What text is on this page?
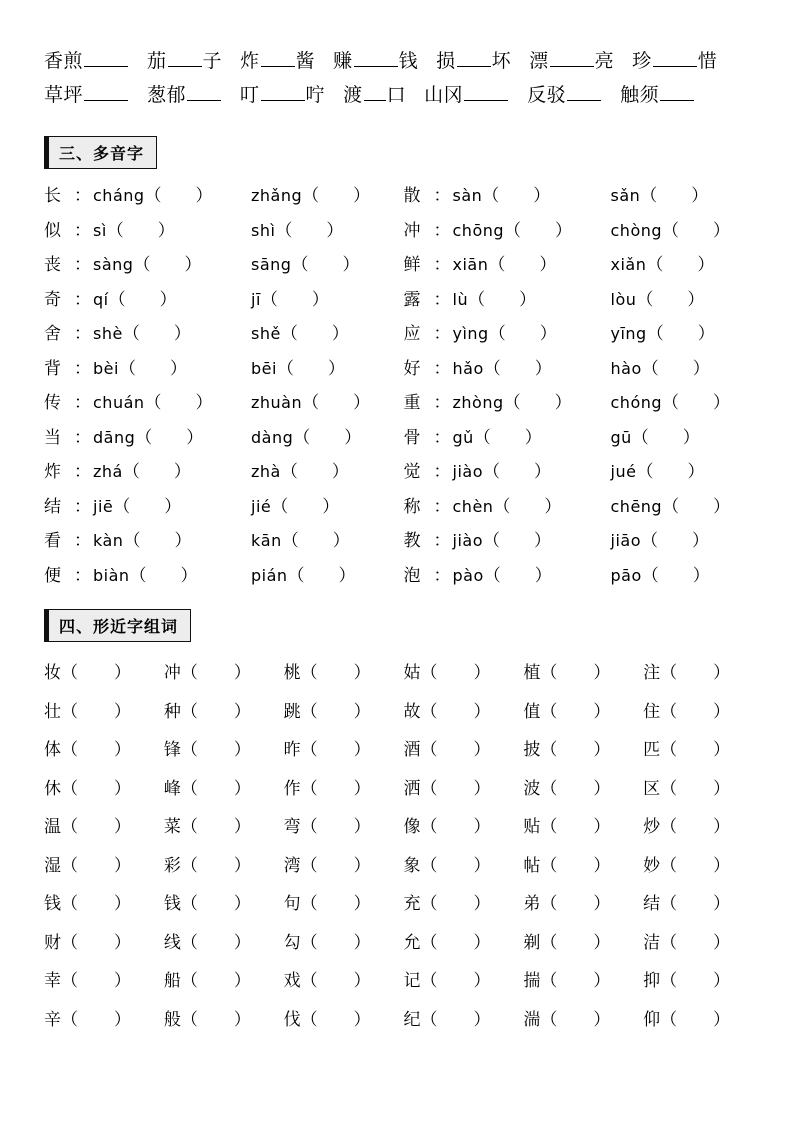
香煎	茄 子 炸 酱 赚 钱 损 坏 漂 亮 珍 惜
草坪	葱郁	叮 咛 渡 口 山冈	反驳	触须
三、多音字
长 ： cháng （ ） zhǎng （ ） 散 ： sàn （ ）	sǎn （ ）
似 ： sì （ ）	shì （ ）	冲 ： chōng （ ） chòng （ ）
丧 ： sàng （ ）	sāng （ ）	鲜 ： xiān （ ）	xiǎn （ ）
奇 ： qí （ ）	jī （ ）	露 ： lù （ ）	lòu （ ）
舍 ： shè （ ）	shě （ ）	应 ： yìng （ ）	yīng （ ）
背 ： bèi （ ）	bēi （ ）	好 ： hǎo （ ）	hào （ ）
传 ： chuán （ ） zhuàn （ ） 重 ： zhòng （ ） chóng （ ）
当 ： dāng （ ）	dàng （ ） 骨 ： gǔ （ ）	gū （ ）
炸 ： zhá （ ）	zhà （ ）	觉 ： jiào （ ）	jué （ ）
结 ： jiē （ ）	jié （ ）	称 ： chèn （ ）	chēng （ ）
看 ： kàn （ ）	kān （ ）	教 ： jiào （ ）	jiāo （ ）
便 ： biàn （ ）	pián （ ）	泡 ： pào （ ）	pāo （ ）
四、形近字组词
妆（ ）	冲（ ）	桃（ ）	姑（ ）	植（ ）	注（ ）
壮（ ）	种（ ）	跳（ ）	故（ ）	值（ ）	住（ ）
体（ ）	锋（ ）	昨（ ）	酒（ ）	披（ ）	匹（ ）
休（ ）	峰（ ）	作（ ）	洒（ ）	波（ ）	区（ ）
温（ ）	菜（ ）	弯（ ）	像（ ）	贴（ ）	炒（ ）
湿（ ）	彩（ ）	湾（ ）	象（ ）	帖（ ）	妙（ ）
钱（ ）	钱（ ）	句（ ）	充（ ）	弟（ ）	结（ ）
财（ ）	线（ ）	勾（ ）	允（ ）	剃（ ）	洁（ ）
幸（ ）	船（ ）	戏（ ）	记（ ）	揣（ ）	抑（ ）
辛（ ）	般（ ）	伐（ ）	纪（ ）	湍（ ）	仰（ ）
